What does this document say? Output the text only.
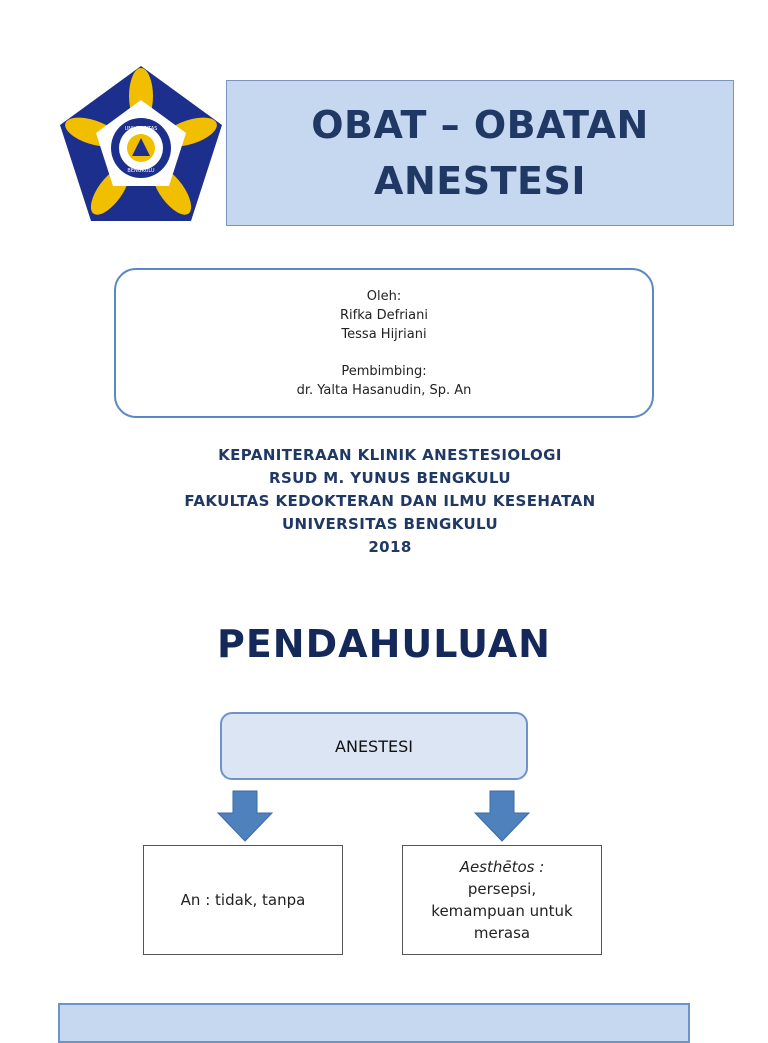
UNIVERSITAS
BENGKULU
OBAT – OBATAN
ANESTESI
Oleh:
Rifka Defriani
Tessa Hijriani
Pembimbing:
dr. Yalta Hasanudin, Sp. An
KEPANITERAAN KLINIK ANESTESIOLOGI
RSUD M. YUNUS BENGKULU
FAKULTAS KEDOKTERAN DAN ILMU KESEHATAN
UNIVERSITAS BENGKULU
2018
PENDAHULUAN
ANESTESI
An : tidak, tanpa
Aesthētos :
persepsi,
kemampuan untuk
merasa
